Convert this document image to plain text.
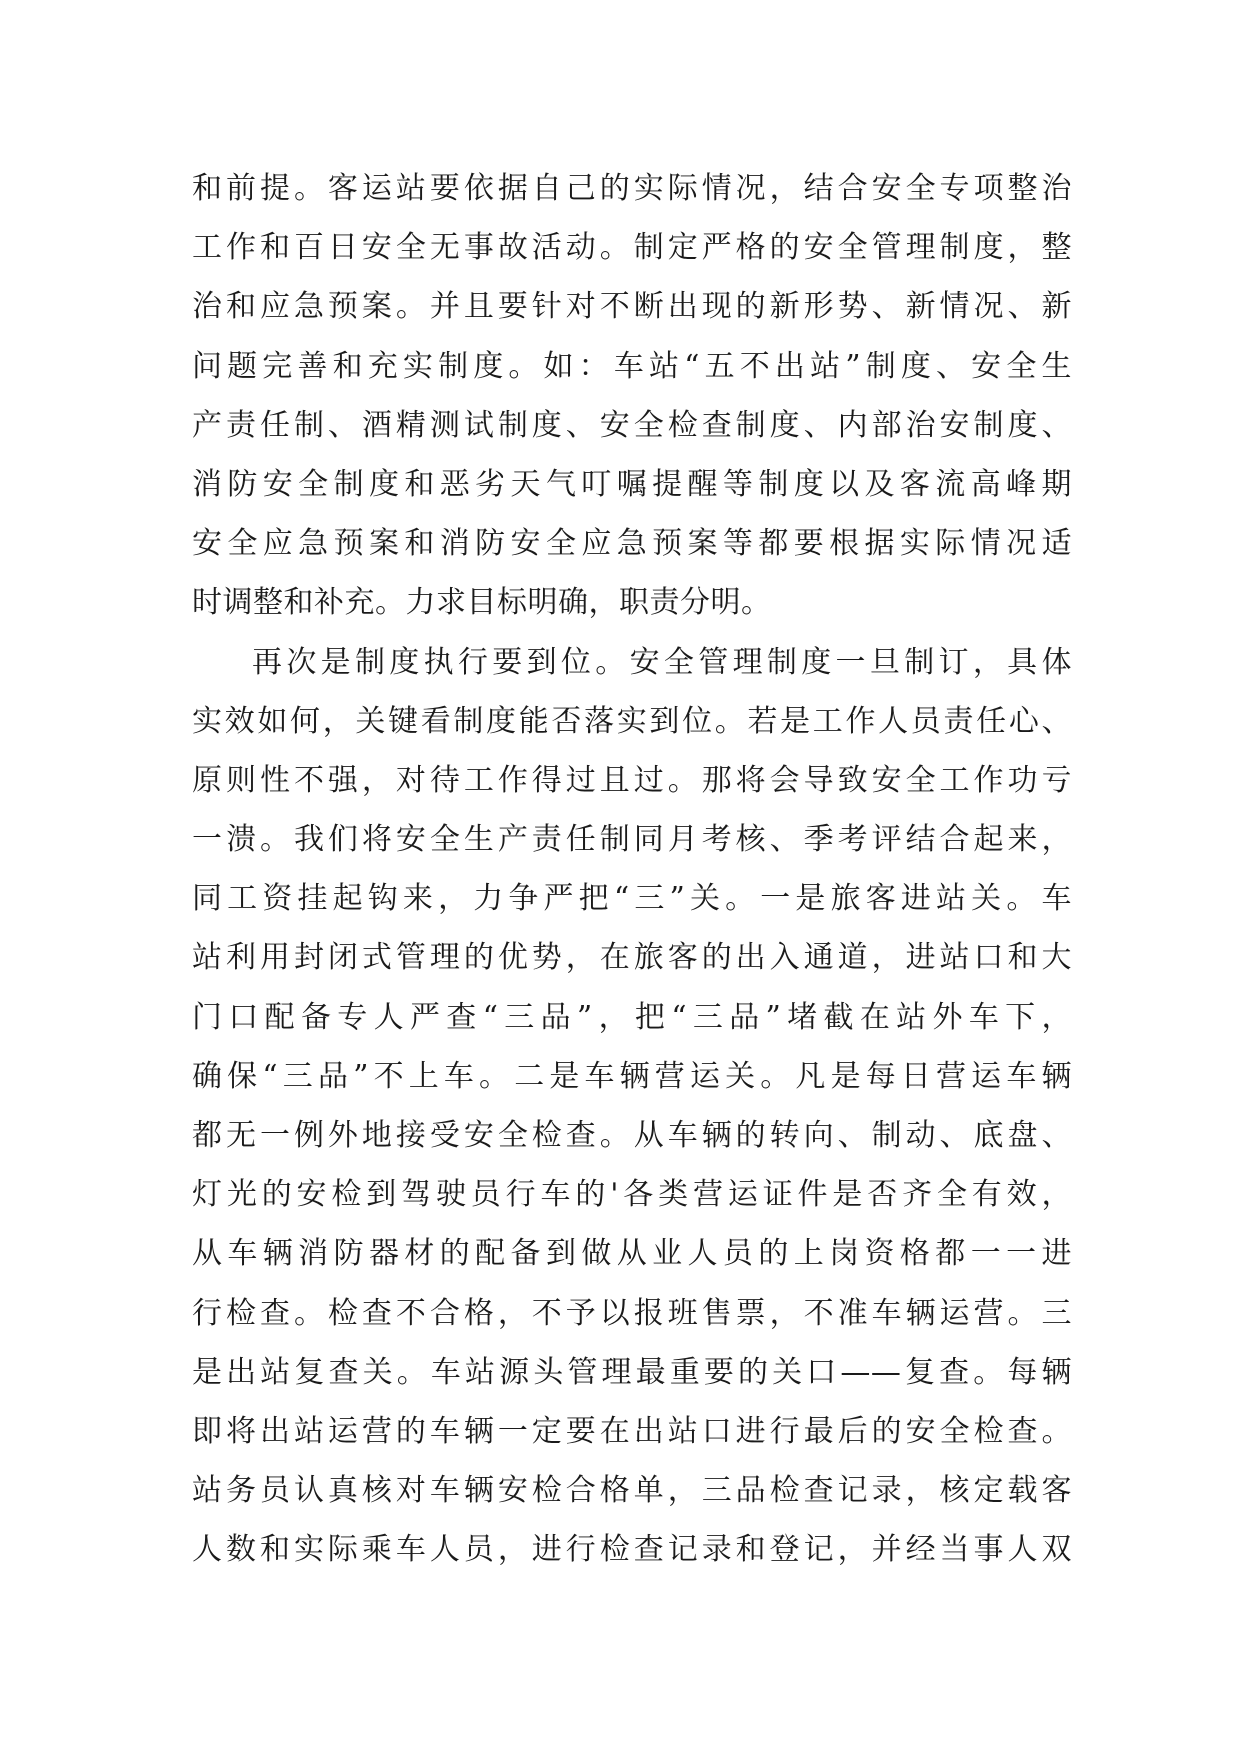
和前提。客运站要依据自己的实际情况，结合安全专项整治
工作和百日安全无事故活动。制定严格的安全管理制度，整
治和应急预案。并且要针对不断出现的新形势、新情况、新
问题完善和充实制度。如：车站“五不出站”制度、安全生
产责任制、酒精测试制度、安全检查制度、内部治安制度、
消防安全制度和恶劣天气叮嘱提醒等制度以及客流高峰期
安全应急预案和消防安全应急预案等都要根据实际情况适
时调整和补充。力求目标明确，职责分明。
再次是制度执行要到位。安全管理制度一旦制订，具体
实效如何，关键看制度能否落实到位。若是工作人员责任心、
原则性不强，对待工作得过且过。那将会导致安全工作功亏
一溃。我们将安全生产责任制同月考核、季考评结合起来，
同工资挂起钩来，力争严把“三”关。一是旅客进站关。车
站利用封闭式管理的优势，在旅客的出入通道，进站口和大
门口配备专人严查“三品”，把“三品”堵截在站外车下，
确保“三品”不上车。二是车辆营运关。凡是每日营运车辆
都无一例外地接受安全检查。从车辆的转向、制动、底盘、
灯光的安检到驾驶员行车的'各类营运证件是否齐全有效，
从车辆消防器材的配备到做从业人员的上岗资格都一一进
行检查。检查不合格，不予以报班售票，不准车辆运营。三
是出站复查关。车站源头管理最重要的关口——复查。每辆
即将出站运营的车辆一定要在出站口进行最后的安全检查。
站务员认真核对车辆安检合格单，三品检查记录，核定载客
人数和实际乘车人员，进行检查记录和登记，并经当事人双
